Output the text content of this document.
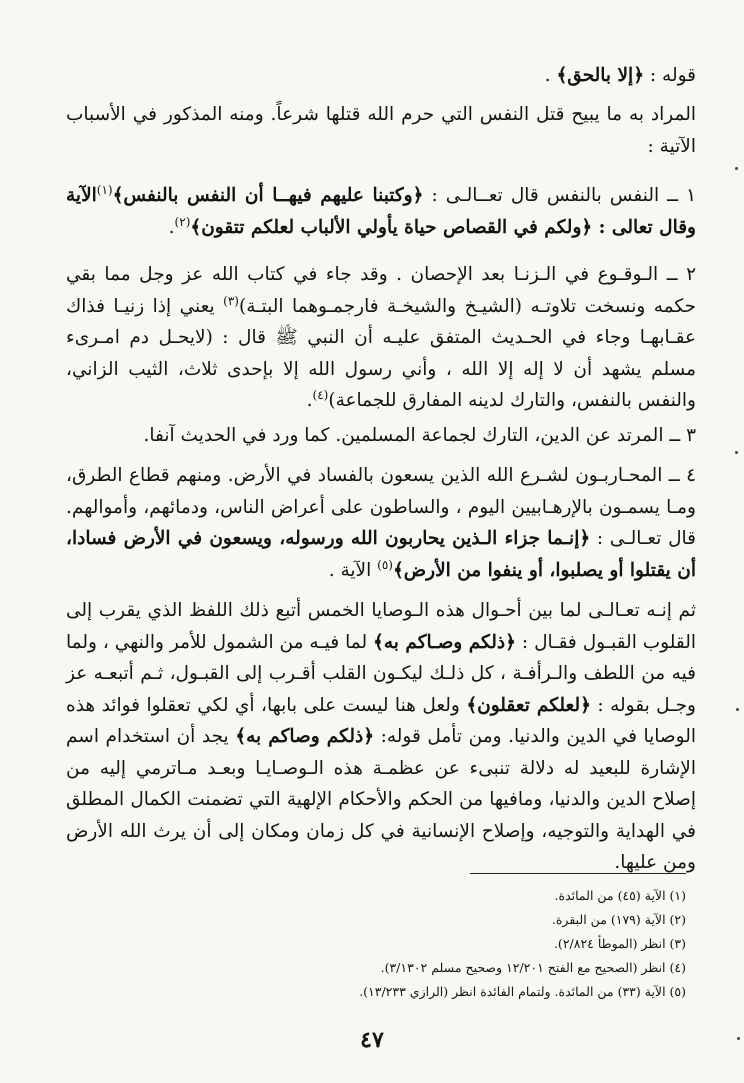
قوله : ﴿إلا بالحق﴾ .

المراد به ما يبيح قتل النفس التي حرم الله قتلها شرعاً. ومنه المذكور في الأسباب الآتية :

١ ــ النفس بالنفس قال تعــالـى : ﴿وكتبنا عليهم فيهــا أن النفس بالنفس﴾$^{(١)}$الآية وقال تعالى : ﴿ولكم في القصاص حياة يأولي الألباب لعلكم تتقون﴾$^{(٢)}$.

٢ ــ الـوقـوع في الـزنـا بعد الإحصان . وقد جاء في كتاب الله عز وجل مما بقي حكمه ونسخت تلاوتـه (الشيـخ والشيخـة فارجمـوهما البتـة)$^{(٣)}$ يعني إذا زنيـا فذاك عقـابهـا وجاء في الحـديث المتفق عليـه أن النبي ﷺ قال : (لايحـل دم امـرىء مسلم يشهد أن لا إله إلا الله ، وأني رسول الله إلا بإحدى ثلاث، الثيب الزاني، والنفس بالنفس، والتارك لدينه المفارق للجماعة)$^{(٤)}$.

٣ ــ المرتد عن الدين، التارك لجماعة المسلمين. كما ورد في الحديث آنفا.

٤ ــ المحـاربـون لشـرع الله الذين يسعون بالفساد في الأرض. ومنهم قطاع الطرق، ومـا يسمـون بالإرهـابيين اليوم ، والساطون على أعراض الناس، ودمائهم، وأموالهم. قال تعـالـى : ﴿إنـما جزاء الـذين يحاربون الله ورسوله، ويسعون في الأرض فسادا، أن يقتلوا أو يصلبوا، أو ينفوا من الأرض﴾$^{(٥)}$ الآية .

ثم إنـه تعـالـى لما بين أحـوال هذه الـوصايا الخمس أتبع ذلك اللفظ الذي يقرب إلى القلوب القبـول فقـال : ﴿ذلكم وصـاكم به﴾ لما فيـه من الشمول للأمر والنهي ، ولما فيه من اللطف والـرأفـة ، كل ذلـك ليكـون القلب أقـرب إلى القبـول، ثـم أتبعـه عز وجـل بقوله : ﴿لعلكم تعقلون﴾ ولعل هنا ليست على بابها، أي لكي تعقلوا فوائد هذه الوصايا في الدين والدنيا. ومن تأمل قوله: ﴿ذلكم وصاكم به﴾ يجد أن استخدام اسم الإشارة للبعيد له دلالة تنبىء عن عظمـة هذه الـوصـايـا وبعـد مـاترمي إليه من إصلاح الدين والدنيا، ومافيها من الحكم والأحكام الإلهية التي تضمنت الكمال المطلق في الهداية والتوجيه، وإصلاح الإنسانية في كل زمان ومكان إلى أن يرث الله الأرض ومن عليها.

(١) الآية (٤٥) من المائدة.
(٢) الآية (١٧٩) من البقرة.
(٣) انظر (الموطأ ٢/٨٢٤).
(٤) انظر (الصحيح مع الفتح ١٢/٢٠١ وصحيح مسلم ٣/١٣٠٢).
(٥) الآية (٣٣) من المائدة. ولتمام الفائدة انظر (الرازي ١٣/٢٣٣).
٤٧
